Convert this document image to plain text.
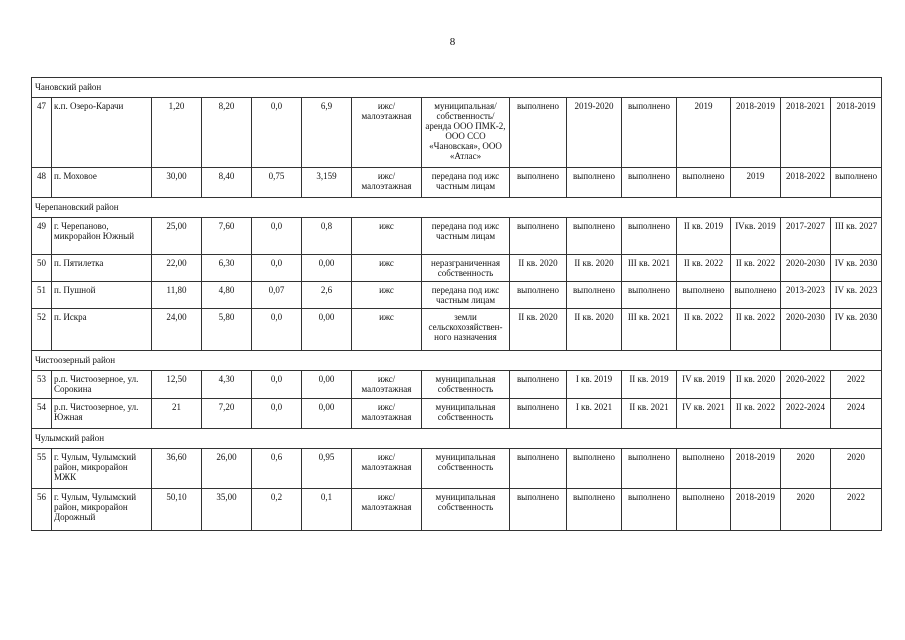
8
Чановский район														
47	к.п. Озеро-Карачи	1,20	8,20	0,0	6,9	ижс/ малоэтажная	муниципальная/ собственность/ аренда ООО ПМК-2, ООО ССО «Чановская», ООО «Атлас»	выполнено	2019-2020	выполнено	2019	2018-2019	2018-2021	2018-2019
48	п. Моховое	30,00	8,40	0,75	3,159	ижс/ малоэтажная	передана под ижс частным лицам	выполнено	выполнено	выполнено	выполнено	2019	2018-2022	выполнено
Черепановский район														
49	г. Черепаново, микрорайон Южный	25,00	7,60	0,0	0,8	ижс	передана под ижс частным лицам	выполнено	выполнено	выполнено	II кв. 2019	IVкв. 2019	2017-2027	III кв. 2027
50	п. Пятилетка	22,00	6,30	0,0	0,00	ижс	неразграниченная собственность	II кв. 2020	II кв. 2020	III кв. 2021	II кв. 2022	II кв. 2022	2020-2030	IV кв. 2030
51	п. Пушной	11,80	4,80	0,07	2,6	ижс	передана под ижс частным лицам	выполнено	выполнено	выполнено	выполнено	выполнено	2013-2023	IV кв. 2023
52	п. Искра	24,00	5,80	0,0	0,00	ижс	земли сельскохозяйствен-ного назначения	II кв. 2020	II кв. 2020	III кв. 2021	II кв. 2022	II кв. 2022	2020-2030	IV кв. 2030
Чистоозерный район														
53	р.п. Чистоозерное, ул. Сорокина	12,50	4,30	0,0	0,00	ижс/ малоэтажная	муниципальная собственность	выполнено	I кв. 2019	II кв. 2019	IV кв. 2019	II кв. 2020	2020-2022	2022
54	р.п. Чистоозерное, ул. Южная	21	7,20	0,0	0,00	ижс/ малоэтажная	муниципальная собственность	выполнено	I кв. 2021	II кв. 2021	IV кв. 2021	II кв. 2022	2022-2024	2024
Чулымский район														
55	г. Чулым, Чулымский район, микрорайон МЖК	36,60	26,00	0,6	0,95	ижс/ малоэтажная	муниципальная собственность	выполнено	выполнено	выполнено	выполнено	2018-2019	2020	2020
56	г. Чулым, Чулымский район, микрорайон Дорожный	50,10	35,00	0,2	0,1	ижс/ малоэтажная	муниципальная собственность	выполнено	выполнено	выполнено	выполнено	2018-2019	2020	2022
